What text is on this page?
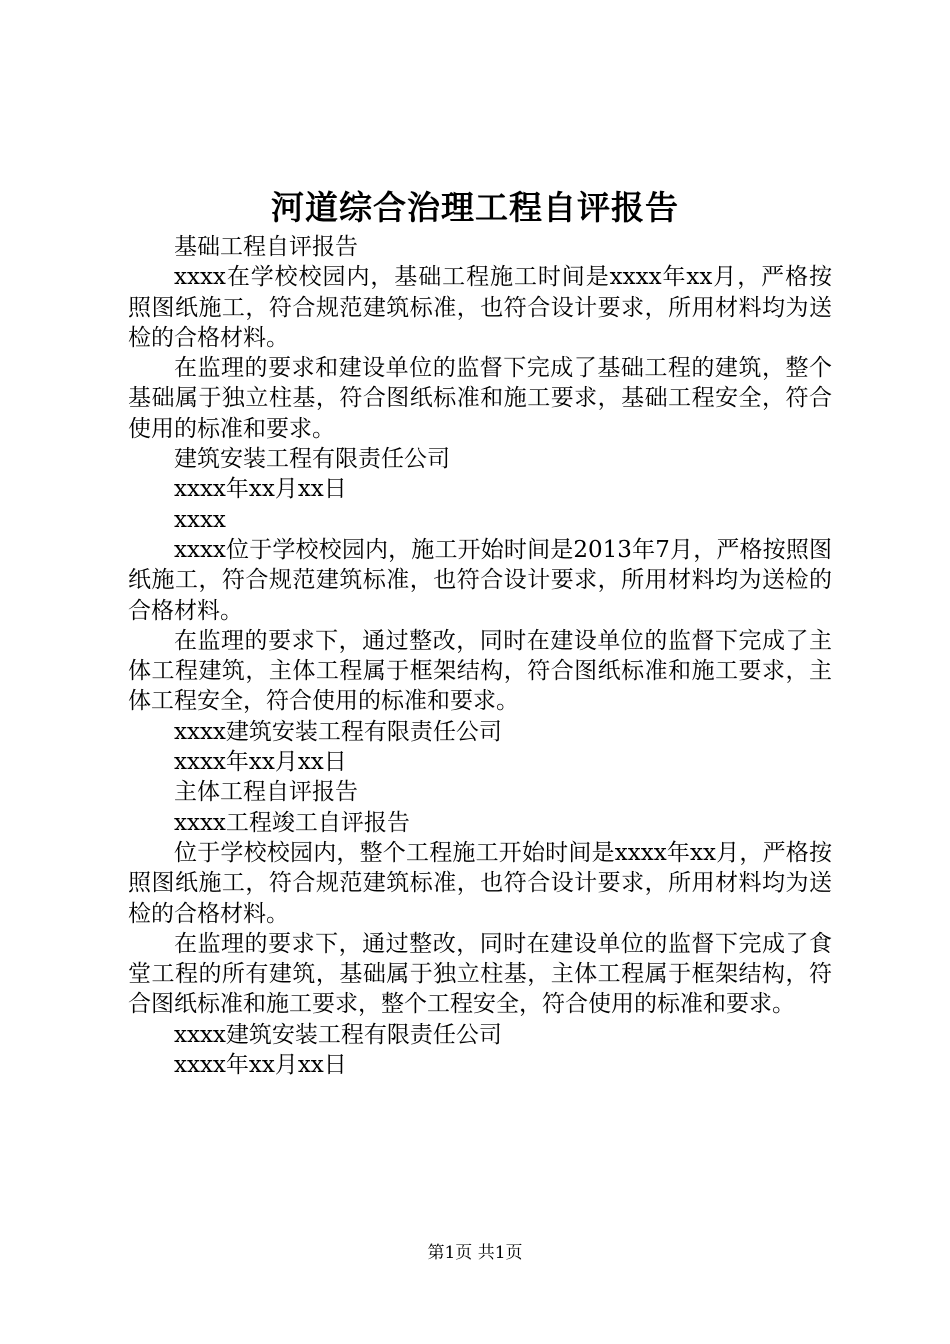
河道综合治理工程自评报告

基础工程自评报告

xxxx在学校校园内，基础工程施工时间是xxxx年xx月，严格按照图纸施工，符合规范建筑标准，也符合设计要求，所用材料均为送检的合格材料。

在监理的要求和建设单位的监督下完成了基础工程的建筑，整个基础属于独立柱基，符合图纸标准和施工要求，基础工程安全，符合使用的标准和要求。

建筑安装工程有限责任公司

xxxx年xx月xx日

xxxx

xxxx位于学校校园内，施工开始时间是2013年7月，严格按照图纸施工，符合规范建筑标准，也符合设计要求，所用材料均为送检的合格材料。

在监理的要求下，通过整改，同时在建设单位的监督下完成了主体工程建筑，主体工程属于框架结构，符合图纸标准和施工要求，主体工程安全，符合使用的标准和要求。

xxxx建筑安装工程有限责任公司

xxxx年xx月xx日

主体工程自评报告

xxxx工程竣工自评报告

位于学校校园内，整个工程施工开始时间是xxxx年xx月，严格按照图纸施工，符合规范建筑标准，也符合设计要求，所用材料均为送检的合格材料。

在监理的要求下，通过整改，同时在建设单位的监督下完成了食堂工程的所有建筑，基础属于独立柱基，主体工程属于框架结构，符合图纸标准和施工要求，整个工程安全，符合使用的标准和要求。

xxxx建筑安装工程有限责任公司

xxxx年xx月xx日

第1页 共1页
